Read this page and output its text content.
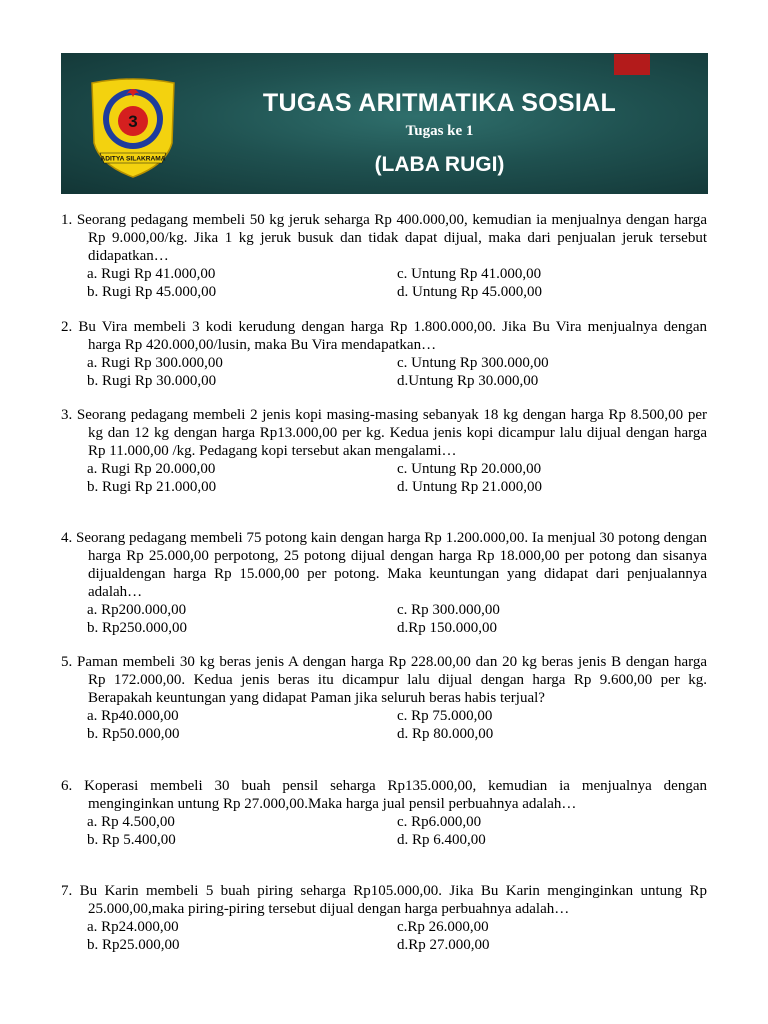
TUGAS ARITMATIKA SOSIAL
Tugas ke 1
(LABA RUGI)
3
ADITYA SILAKRAMA
1. Seorang pedagang membeli 50 kg jeruk seharga Rp 400.000,00, kemudian ia menjualnya dengan harga Rp 9.000,00/kg. Jika 1 kg jeruk busuk dan tidak dapat dijual, maka dari penjualan jeruk tersebut didapatkan…
a. Rugi Rp 41.000,00	c. Untung Rp 41.000,00
b. Rugi Rp 45.000,00	d. Untung Rp 45.000,00
2. Bu Vira membeli 3 kodi kerudung dengan harga Rp 1.800.000,00. Jika Bu Vira menjualnya dengan harga Rp 420.000,00/lusin, maka Bu Vira mendapatkan…
a. Rugi Rp 300.000,00	c. Untung Rp 300.000,00
b. Rugi Rp 30.000,00	d.Untung Rp 30.000,00
3. Seorang pedagang membeli 2 jenis kopi masing-masing sebanyak 18 kg dengan harga Rp 8.500,00 per kg dan 12 kg dengan harga Rp13.000,00 per kg. Kedua jenis kopi dicampur lalu dijual dengan harga Rp 11.000,00 /kg. Pedagang kopi tersebut akan mengalami…
a. Rugi Rp 20.000,00	c. Untung Rp 20.000,00
b. Rugi Rp 21.000,00	d. Untung Rp 21.000,00
4. Seorang pedagang membeli 75 potong kain dengan harga Rp 1.200.000,00. Ia menjual 30 potong dengan harga Rp 25.000,00 perpotong, 25 potong dijual dengan harga Rp 18.000,00 per potong dan sisanya dijualdengan harga Rp 15.000,00 per potong. Maka keuntungan yang didapat dari penjualannya adalah…
a. Rp200.000,00	c. Rp 300.000,00
b. Rp250.000,00	d.Rp 150.000,00
5. Paman membeli 30 kg beras jenis A dengan harga Rp 228.00,00 dan 20 kg beras jenis B dengan harga Rp 172.000,00. Kedua jenis beras itu dicampur lalu dijual dengan harga Rp 9.600,00 per kg. Berapakah keuntungan yang didapat Paman jika seluruh beras habis terjual?
a. Rp40.000,00	c. Rp 75.000,00
b. Rp50.000,00	d. Rp 80.000,00
6. Koperasi membeli 30 buah pensil seharga Rp135.000,00, kemudian ia menjualnya dengan menginginkan untung Rp 27.000,00.Maka harga jual pensil perbuahnya adalah…
a. Rp 4.500,00	c. Rp6.000,00
b. Rp 5.400,00	d. Rp 6.400,00
7. Bu Karin membeli 5 buah piring seharga Rp105.000,00. Jika Bu Karin menginginkan untung Rp 25.000,00,maka piring-piring tersebut dijual dengan harga perbuahnya adalah…
a. Rp24.000,00	c.Rp 26.000,00
b. Rp25.000,00	d.Rp 27.000,00
